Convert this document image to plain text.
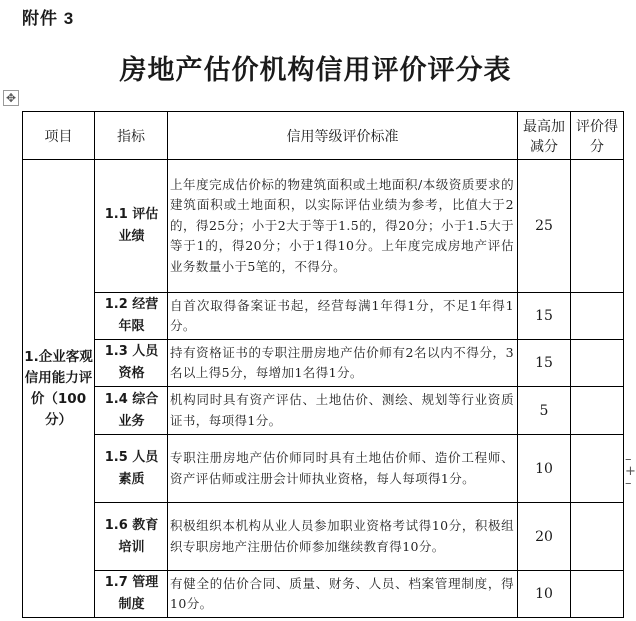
附件 3
房地产估价机构信用评价评分表
✥
项目	指标	信用等级评价标准	最高加减分	评价得分
1.企业客观信用能力评价（100分）	1.1 评估业绩	上年度完成估价标的物建筑面积或土地面积/本级资质要求的建筑面积或土地面积，以实际评估业绩为参考，比值大于2的，得25分；小于2大于等于1.5的，得20分；小于1.5大于等于1的，得20分；小于1得10分。上年度完成房地产评估业务数量小于5笔的，不得分。	25	
	1.2 经营年限	自首次取得备案证书起，经营每满1年得1分，不足1年得1分。	15	
	1.3 人员资格	持有资格证书的专职注册房地产估价师有2名以内不得分，3名以上得5分，每增加1名得1分。	15	
	1.4 综合业务	机构同时具有资产评估、土地估价、测绘、规划等行业资质证书，每项得1分。	5	
	1.5 人员素质	专职注册房地产估价师同时具有土地估价师、造价工程师、资产评估师或注册会计师执业资格，每人每项得1分。	10	
	1.6 教育培训	积极组织本机构从业人员参加职业资格考试得10分，积极组织专职房地产注册估价师参加继续教育得10分。	20	
	1.7 管理制度	有健全的估价合同、质量、财务、人员、档案管理制度，得10分。	10	
–
+
–
